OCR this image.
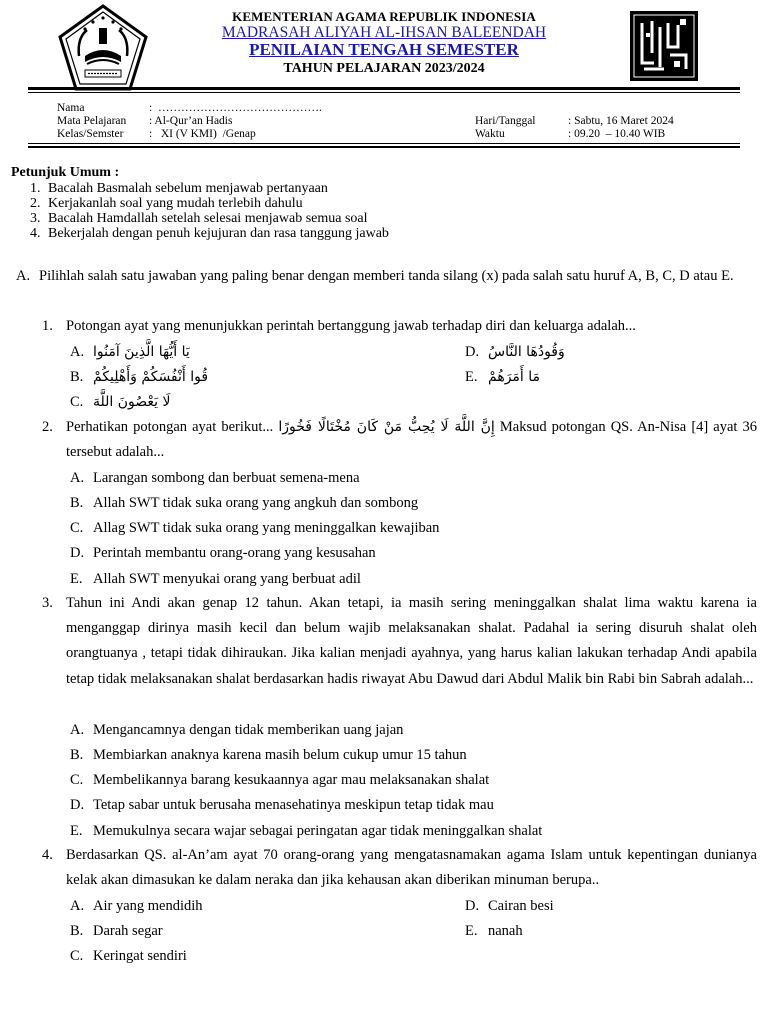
KEMENTERIAN AGAMA REPUBLIK INDONESIA
MADRASAH ALIYAH AL-IHSAN BALEENDAH
PENILAIAN TENGAH SEMESTER
TAHUN PELAJARAN 2023/2024
Nama	:  …………………………………….
Mata Pelajaran : Al-Qur’an Hadis
Kelas/Semster :   XI (V KMI)  /Genap
Hari/Tanggal	: Sabtu, 16 Maret 2024
Waktu	: 09.20  – 10.40 WIB
Petunjuk Umum :
1. Bacalah Basmalah sebelum menjawab pertanyaan
2. Kerjakanlah soal yang mudah terlebih dahulu
3. Bacalah Hamdallah setelah selesai menjawab semua soal
4. Bekerjalah dengan penuh kejujuran dan rasa tanggung jawab
A. Pilihlah salah satu jawaban yang paling benar dengan memberi tanda silang (x) pada salah satu huruf A, B, C, D atau E.
1. Potongan ayat yang menunjukkan perintah bertanggung jawab terhadap diri dan keluarga adalah...
A. يَا أَيُّهَا الَّذِينَ آمَنُوا
B. قُوا أَنْفُسَكُمْ وَأَهْلِيكُمْ
C. لَا يَعْصُونَ اللَّهَ
D. وَقُودُهَا النَّاسُ
E. مَا أَمَرَهُمْ
2. Perhatikan potongan ayat berikut... إِنَّ اللَّهَ لَا يُحِبُّ مَنْ كَانَ مُخْتَالًا فَخُورًا Maksud potongan QS. An-Nisa [4] ayat 36 tersebut adalah...
A. Larangan sombong dan berbuat semena-mena
B. Allah SWT tidak suka orang yang angkuh dan sombong
C. Allag SWT tidak suka orang yang meninggalkan kewajiban
D. Perintah membantu orang-orang yang kesusahan
E. Allah SWT menyukai orang yang berbuat adil
3. Tahun ini Andi akan genap 12 tahun. Akan tetapi, ia masih sering meninggalkan shalat lima waktu karena ia menganggap dirinya masih kecil dan belum wajib melaksanakan shalat. Padahal ia sering disuruh shalat oleh orangtuanya , tetapi tidak dihiraukan. Jika kalian menjadi ayahnya, yang harus kalian lakukan terhadap Andi apabila tetap tidak melaksanakan shalat berdasarkan hadis riwayat Abu Dawud dari Abdul Malik bin Rabi bin Sabrah adalah...
A. Mengancamnya dengan tidak memberikan uang jajan
B. Membiarkan anaknya karena masih belum cukup umur 15 tahun
C. Membelikannya barang kesukaannya agar mau melaksanakan shalat
D. Tetap sabar untuk berusaha menasehatinya meskipun tetap tidak mau
E. Memukulnya secara wajar sebagai peringatan agar tidak meninggalkan shalat
4. Berdasarkan QS. al-An’am ayat 70 orang-orang yang mengatasnamakan agama Islam untuk kepentingan dunianya kelak akan dimasukan ke dalam neraka dan jika kehausan akan diberikan minuman berupa..
A. Air yang mendidih
B. Darah segar
C. Keringat sendiri
D. Cairan besi
E. nanah
